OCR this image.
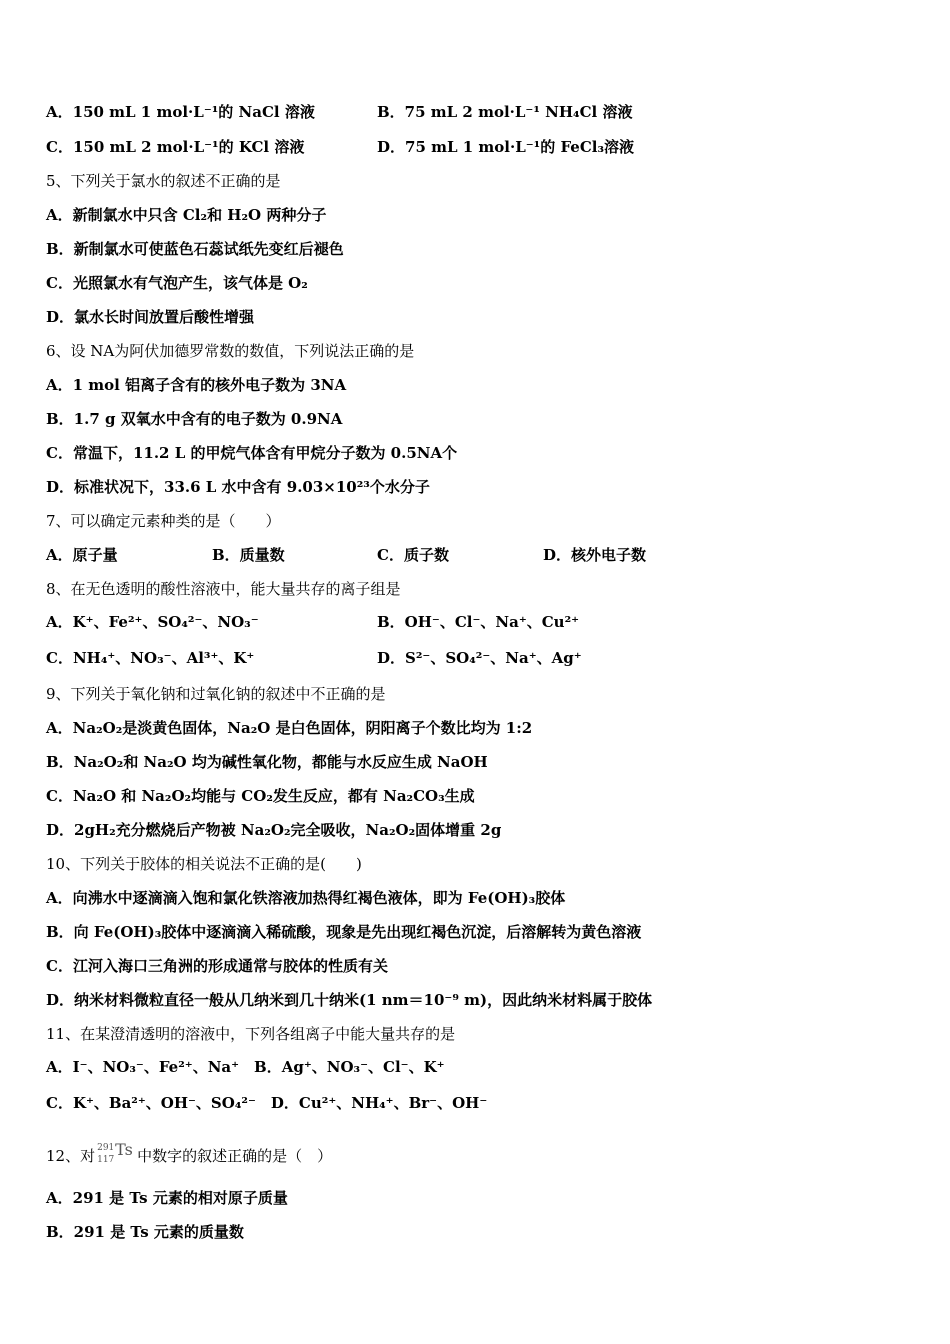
A．150 mL 1 mol·L⁻¹的 NaCl 溶液	B．75 mL 2 mol·L⁻¹ NH₄Cl 溶液
C．150 mL 2 mol·L⁻¹的 KCl 溶液	D．75 mL 1 mol·L⁻¹的 FeCl₃溶液
5、下列关于氯水的叙述不正确的是
A．新制氯水中只含 Cl₂和 H₂O 两种分子
B．新制氯水可使蓝色石蕊试纸先变红后褪色
C．光照氯水有气泡产生，该气体是 O₂
D．氯水长时间放置后酸性增强
6、设 NA为阿伏加德罗常数的数值，下列说法正确的是
A．1 mol 铝离子含有的核外电子数为 3NA
B．1.7 g 双氧水中含有的电子数为 0.9NA
C．常温下，11.2 L 的甲烷气体含有甲烷分子数为 0.5NA个
D．标准状况下，33.6 L 水中含有 9.03×10²³个水分子
7、可以确定元素种类的是（　　）
A．原子量	B．质量数	C．质子数	D．核外电子数
8、在无色透明的酸性溶液中，能大量共存的离子组是
A．K⁺、Fe²⁺、SO₄²⁻、NO₃⁻	B．OH⁻、Cl⁻、Na⁺、Cu²⁺
C．NH₄⁺、NO₃⁻、Al³⁺、K⁺	D．S²⁻、SO₄²⁻、Na⁺、Ag⁺
9、下列关于氧化钠和过氧化钠的叙述中不正确的是
A．Na₂O₂是淡黄色固体，Na₂O 是白色固体，阴阳离子个数比均为 1:2
B．Na₂O₂和 Na₂O 均为碱性氧化物，都能与水反应生成 NaOH
C．Na₂O 和 Na₂O₂均能与 CO₂发生反应，都有 Na₂CO₃生成
D．2gH₂充分燃烧后产物被 Na₂O₂完全吸收，Na₂O₂固体增重 2g
10、下列关于胶体的相关说法不正确的是(　　)
A．向沸水中逐滴滴入饱和氯化铁溶液加热得红褐色液体，即为 Fe(OH)₃胶体
B．向 Fe(OH)₃胶体中逐滴滴入稀硫酸，现象是先出现红褐色沉淀，后溶解转为黄色溶液
C．江河入海口三角洲的形成通常与胶体的性质有关
D．纳米材料微粒直径一般从几纳米到几十纳米(1 nm＝10⁻⁹ m)，因此纳米材料属于胶体
11、在某澄清透明的溶液中，下列各组离子中能大量共存的是
A．I⁻、NO₃⁻、Fe²⁺、Na⁺　B．Ag⁺、NO₃⁻、Cl⁻、K⁺
C．K⁺、Ba²⁺、OH⁻、SO₄²⁻　D．Cu²⁺、NH₄⁺、Br⁻、OH⁻
12、对 291
117
Ts 中数字的叙述正确的是（　）
A．291 是 Ts 元素的相对原子质量
B．291 是 Ts 元素的质量数
